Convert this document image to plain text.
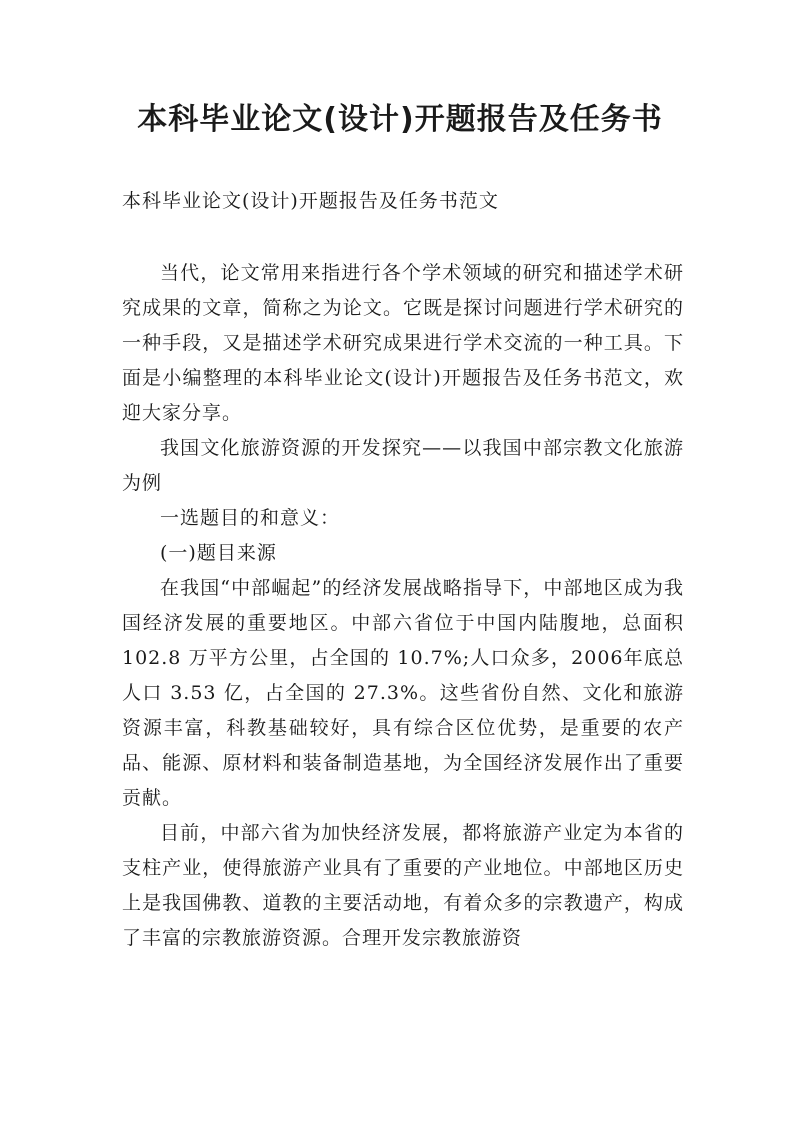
本科毕业论文(设计)开题报告及任务书
本科毕业论文(设计)开题报告及任务书范文

当代，论文常用来指进行各个学术领域的研究和描述学术研究成果的文章，简称之为论文。它既是探讨问题进行学术研究的一种手段，又是描述学术研究成果进行学术交流的一种工具。下面是小编整理的本科毕业论文(设计)开题报告及任务书范文，欢迎大家分享。

我国文化旅游资源的开发探究——以我国中部宗教文化旅游为例

一选题目的和意义：

(一)题目来源

在我国“中部崛起”的经济发展战略指导下，中部地区成为我国经济发展的重要地区。中部六省位于中国内陆腹地，总面积 102.8 万平方公里，占全国的 10.7%;人口众多，2006年底总人口 3.53 亿，占全国的 27.3%。这些省份自然、文化和旅游资源丰富，科教基础较好，具有综合区位优势，是重要的农产品、能源、原材料和装备制造基地，为全国经济发展作出了重要贡献。

目前，中部六省为加快经济发展，都将旅游产业定为本省的支柱产业，使得旅游产业具有了重要的产业地位。中部地区历史上是我国佛教、道教的主要活动地，有着众多的宗教遗产，构成了丰富的宗教旅游资源。合理开发宗教旅游资
